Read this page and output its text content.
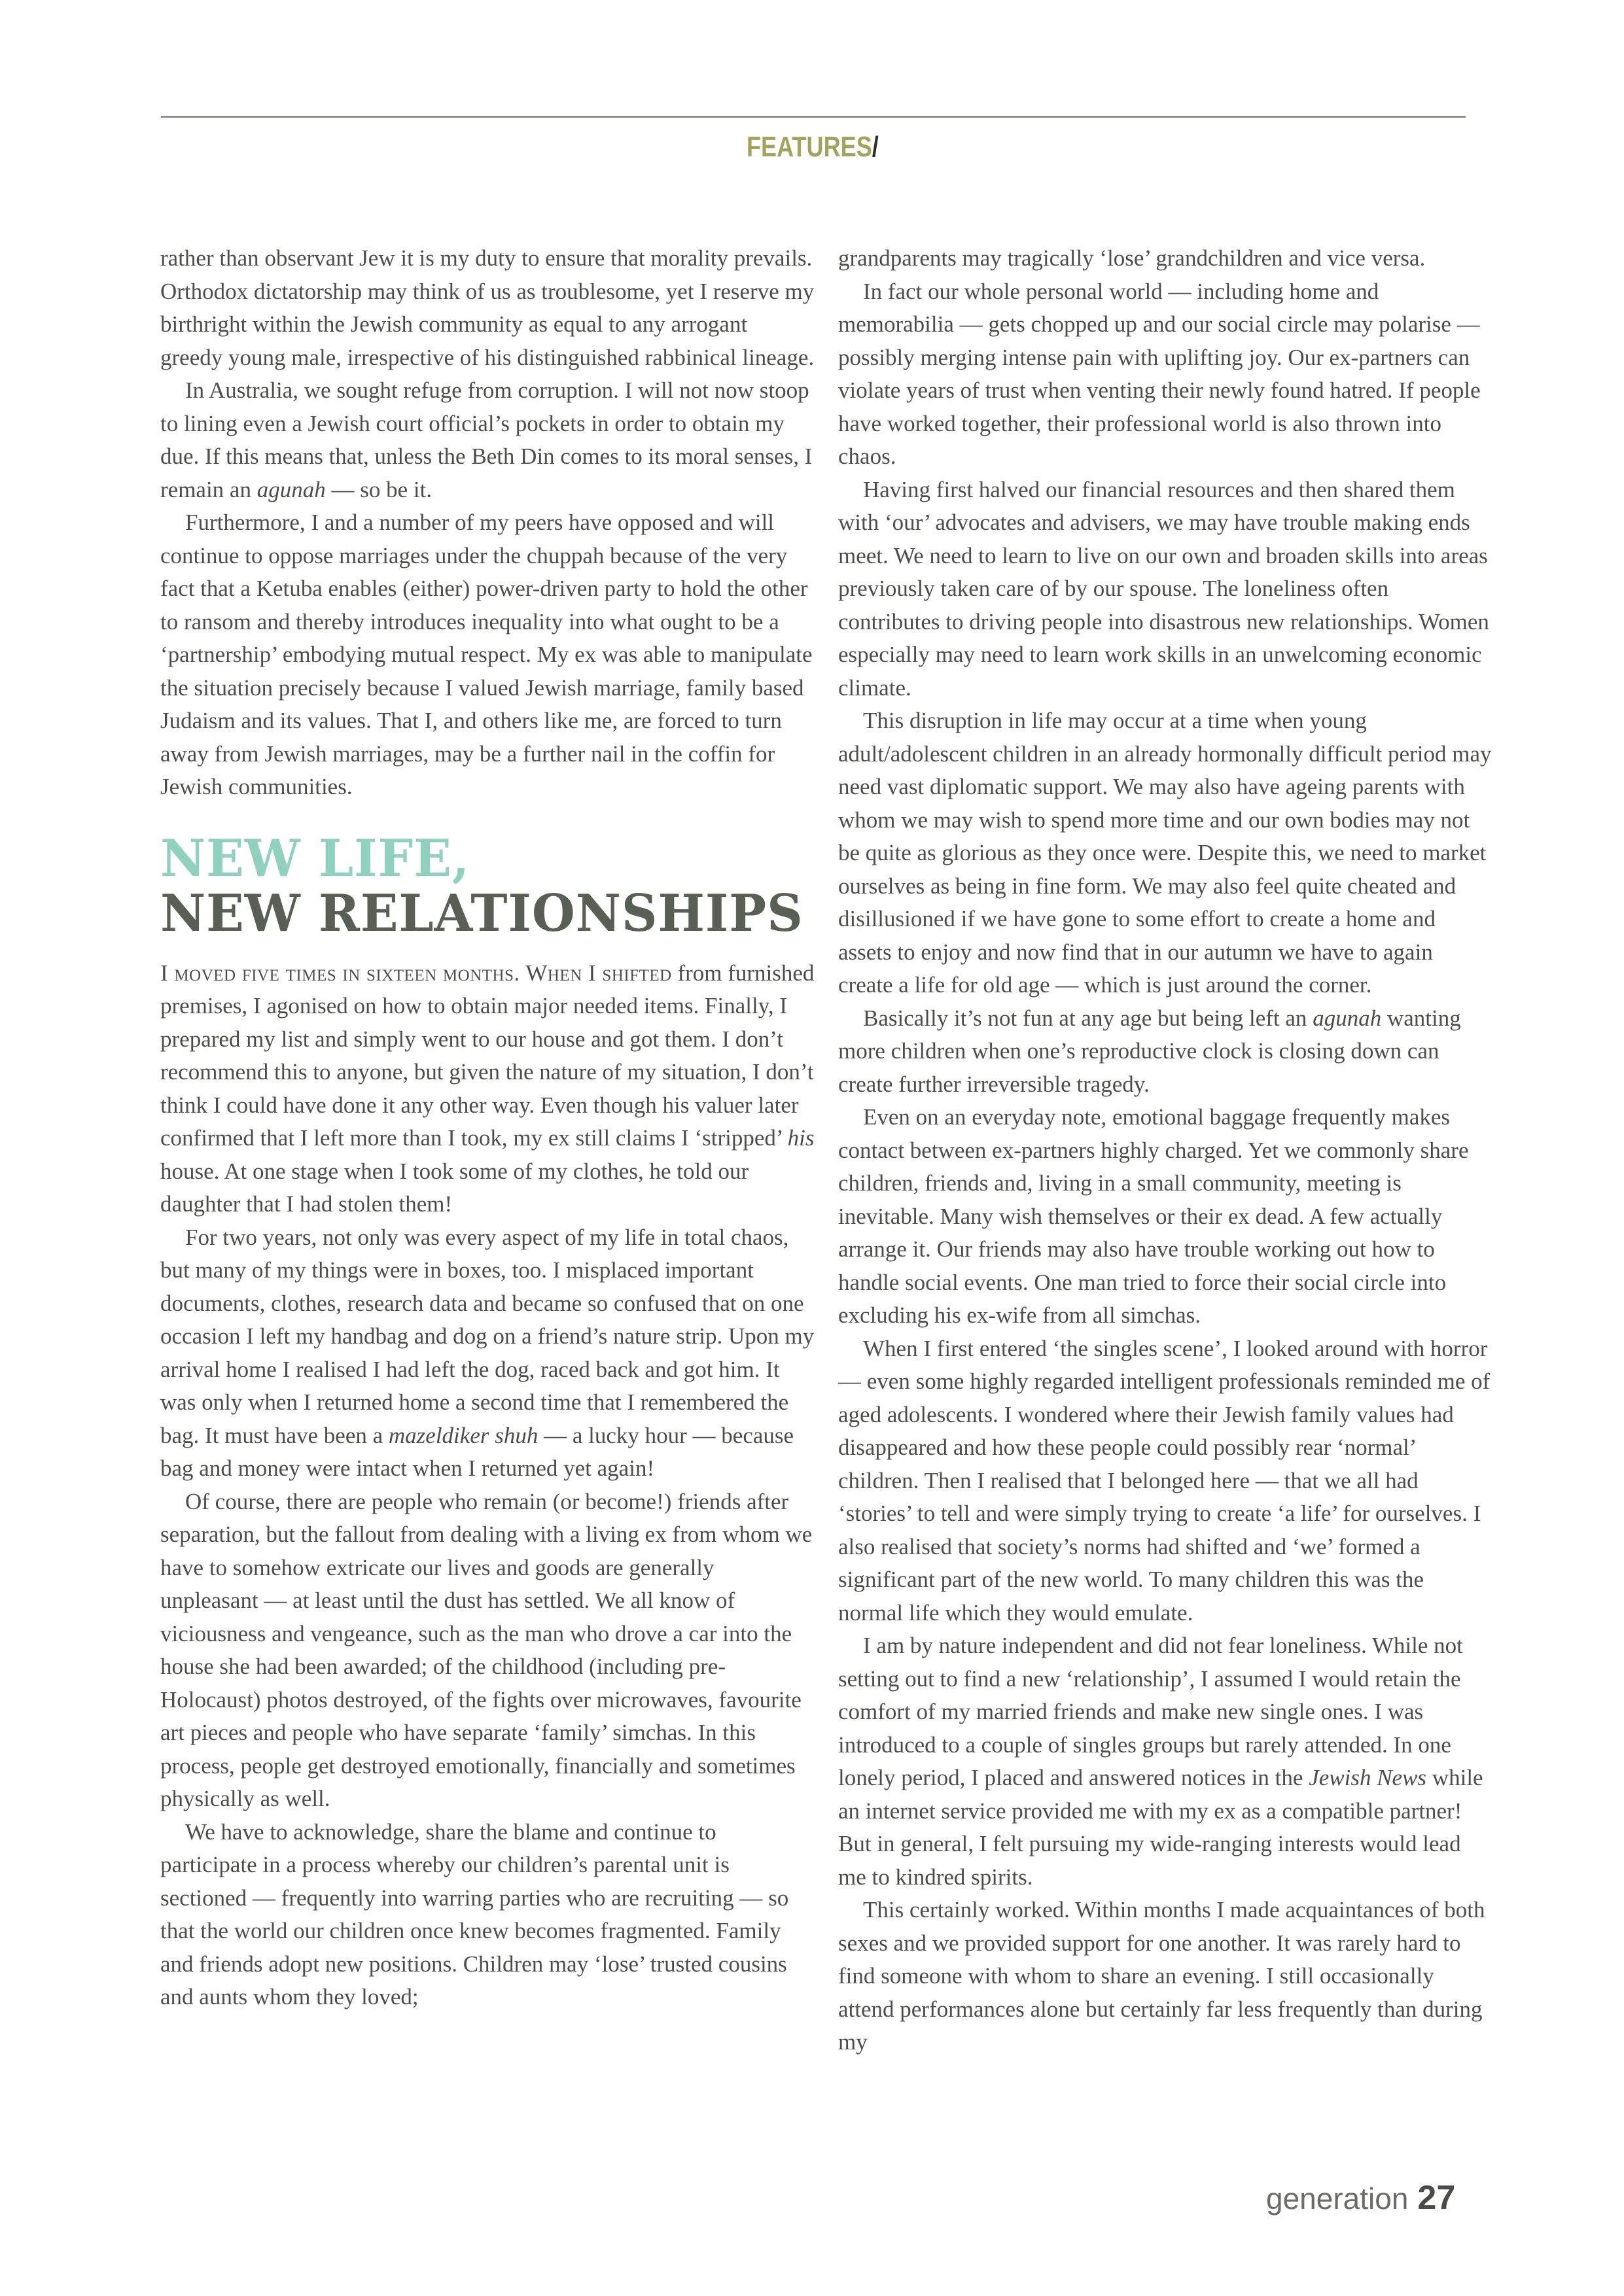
FEATURES/

rather than observant Jew it is my duty to ensure that morality prevails. Orthodox dictatorship may think of us as troublesome, yet I reserve my birthright within the Jewish community as equal to any arrogant greedy young male, irrespective of his distinguished rabbinical lineage.

In Australia, we sought refuge from corruption. I will not now stoop to lining even a Jewish court official’s pockets in order to obtain my due. If this means that, unless the Beth Din comes to its moral senses, I remain an agunah — so be it.

Furthermore, I and a number of my peers have opposed and will continue to oppose marriages under the chuppah because of the very fact that a Ketuba enables (either) power-driven party to hold the other to ransom and thereby introduces inequality into what ought to be a ‘partnership’ embodying mutual respect. My ex was able to manipulate the situation precisely because I valued Jewish marriage, family based Judaism and its values. That I, and others like me, are forced to turn away from Jewish marriages, may be a further nail in the coffin for Jewish communities.

NEW LIFE,
NEW RELATIONSHIPS

I moved five times in sixteen months. When I shifted from furnished premises, I agonised on how to obtain major needed items. Finally, I prepared my list and simply went to our house and got them. I don’t recommend this to anyone, but given the nature of my situation, I don’t think I could have done it any other way. Even though his valuer later confirmed that I left more than I took, my ex still claims I ‘stripped’ his house. At one stage when I took some of my clothes, he told our daughter that I had stolen them!

For two years, not only was every aspect of my life in total chaos, but many of my things were in boxes, too. I misplaced important documents, clothes, research data and became so confused that on one occasion I left my handbag and dog on a friend’s nature strip. Upon my arrival home I realised I had left the dog, raced back and got him. It was only when I returned home a second time that I remembered the bag. It must have been a mazeldiker shuh — a lucky hour — because bag and money were intact when I returned yet again!

Of course, there are people who remain (or become!) friends after separation, but the fallout from dealing with a living ex from whom we have to somehow extricate our lives and goods are generally unpleasant — at least until the dust has settled. We all know of viciousness and vengeance, such as the man who drove a car into the house she had been awarded; of the childhood (including pre-Holocaust) photos destroyed, of the fights over microwaves, favourite art pieces and people who have separate ‘family’ simchas. In this process, people get destroyed emotionally, financially and sometimes physically as well.

We have to acknowledge, share the blame and continue to participate in a process whereby our children’s parental unit is sectioned — frequently into warring parties who are recruiting — so that the world our children once knew becomes fragmented. Family and friends adopt new positions. Children may ‘lose’ trusted cousins and aunts whom they loved;

grandparents may tragically ‘lose’ grandchildren and vice versa.

In fact our whole personal world — including home and memorabilia — gets chopped up and our social circle may polarise — possibly merging intense pain with uplifting joy. Our ex-partners can violate years of trust when venting their newly found hatred. If people have worked together, their professional world is also thrown into chaos.

Having first halved our financial resources and then shared them with ‘our’ advocates and advisers, we may have trouble making ends meet. We need to learn to live on our own and broaden skills into areas previously taken care of by our spouse. The loneliness often contributes to driving people into disastrous new relationships. Women especially may need to learn work skills in an unwelcoming economic climate.

This disruption in life may occur at a time when young adult/adolescent children in an already hormonally difficult period may need vast diplomatic support. We may also have ageing parents with whom we may wish to spend more time and our own bodies may not be quite as glorious as they once were. Despite this, we need to market ourselves as being in fine form. We may also feel quite cheated and disillusioned if we have gone to some effort to create a home and assets to enjoy and now find that in our autumn we have to again create a life for old age — which is just around the corner.

Basically it’s not fun at any age but being left an agunah wanting more children when one’s reproductive clock is closing down can create further irreversible tragedy.

Even on an everyday note, emotional baggage frequently makes contact between ex-partners highly charged. Yet we commonly share children, friends and, living in a small community, meeting is inevitable. Many wish themselves or their ex dead. A few actually arrange it. Our friends may also have trouble working out how to handle social events. One man tried to force their social circle into excluding his ex-wife from all simchas.

When I first entered ‘the singles scene’, I looked around with horror — even some highly regarded intelligent professionals reminded me of aged adolescents. I wondered where their Jewish family values had disappeared and how these people could possibly rear ‘normal’ children. Then I realised that I belonged here — that we all had ‘stories’ to tell and were simply trying to create ‘a life’ for ourselves. I also realised that society’s norms had shifted and ‘we’ formed a significant part of the new world. To many children this was the normal life which they would emulate.

I am by nature independent and did not fear loneliness. While not setting out to find a new ‘relationship’, I assumed I would retain the comfort of my married friends and make new single ones. I was introduced to a couple of singles groups but rarely attended. In one lonely period, I placed and answered notices in the Jewish News while an internet service provided me with my ex as a compatible partner! But in general, I felt pursuing my wide-ranging interests would lead me to kindred spirits.

This certainly worked. Within months I made acquaintances of both sexes and we provided support for one another. It was rarely hard to find someone with whom to share an evening. I still occasionally attend performances alone but certainly far less frequently than during my

generation 27
